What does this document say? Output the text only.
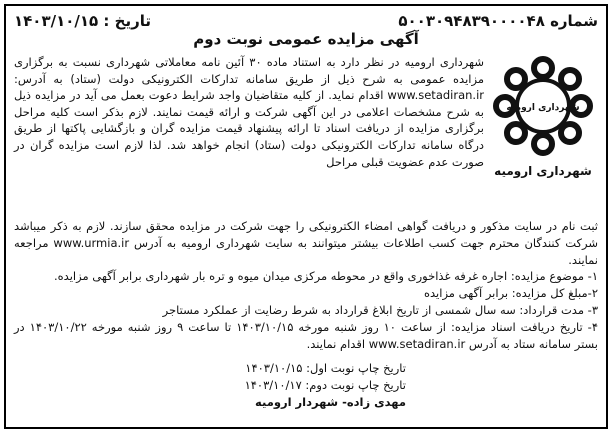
شماره ۵۰۰۳۰۹۴۸۳۹۰۰۰۰۴۸
تاریخ : ۱۴۰۳/۱۰/۱۵
آگهی مزایده عمومی نوبت دوم
شهرداری ارومیه
شهرداری ارومیه
شهرداری ارومیه در نظر دارد به استناد ماده ۳۰ آئین نامه معاملاتی شهرداری نسبت به برگزاری مزایده عمومی به شرح ذیل از طریق سامانه تدارکات الکترونیکی دولت (ستاد) به آدرس: www.setadiran.ir اقدام نماید. از کلیه متقاضیان واجد شرایط دعوت بعمل می آید در مزایده ذیل به شرح مشخصات اعلامی در این آگهی شرکت و ارائه قیمت نمایند. لازم بذکر است کلیه مراحل برگزاری مزایده از دریافت اسناد تا ارائه پیشنهاد قیمت مزایده گران و بازگشایی پاکتها از طریق درگاه سامانه تدارکات الکترونیکی دولت (ستاد) انجام خواهد شد. لذا لازم است مزایده گران در صورت عدم عضویت قبلی مراحل

ثبت نام در سایت مذکور و دریافت گواهی امضاء الکترونیکی را جهت شرکت در مزایده محقق سازند. لازم به ذکر میباشد شرکت کنندگان محترم جهت کسب اطلاعات بیشتر میتوانند به سایت شهرداری ارومیه به آدرس www.urmia.ir مراجعه نمایند.

۱- موضوع مزایده: اجاره غرفه غذاخوری واقع در محوطه مرکزی میدان میوه و تره بار شهرداری برابر آگهی مزایده.

۲-مبلغ کل مزایده: برابر آگهی مزایده

۳- مدت قرارداد: سه سال شمسی از تاریخ ابلاغ قرارداد به شرط رضایت از عملکرد مستاجر

۴- تاریخ دریافت اسناد مزایده: از ساعت ۱۰ روز شنبه مورخه ۱۴۰۳/۱۰/۱۵ تا ساعت ۹ روز شنبه مورخه ۱۴۰۳/۱۰/۲۲ در بستر سامانه ستاد به آدرس www.setadiran.ir اقدام نمایند.

تاریخ چاپ نوبت اول: ۱۴۰۳/۱۰/۱۵
تاریخ چاپ نوبت دوم: ۱۴۰۳/۱۰/۱۷
مهدی زاده- شهردار ارومیه
